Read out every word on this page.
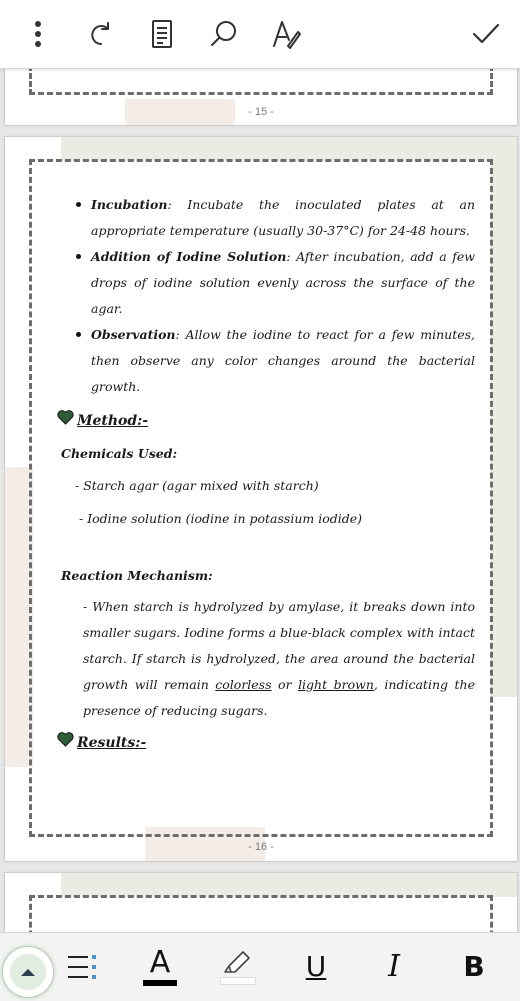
- 15 -
Incubation: Incubate the inoculated plates at an appropriate temperature (usually 30-37°C) for 24-48 hours.
Addition of Iodine Solution: After incubation, add a few drops of iodine solution evenly across the surface of the agar.
Observation: Allow the iodine to react for a few minutes, then observe any color changes around the bacterial growth.
Method:-
Chemicals Used:
- Starch agar (agar mixed with starch)
- Iodine solution (iodine in potassium iodide)
Reaction Mechanism:
- When starch is hydrolyzed by amylase, it breaks down into smaller sugars. Iodine forms a blue-black complex with intact starch. If starch is hydrolyzed, the area around the bacterial growth will remain colorless or light brown, indicating the presence of reducing sugars.
Results:-
- 16 -
A	U I B
